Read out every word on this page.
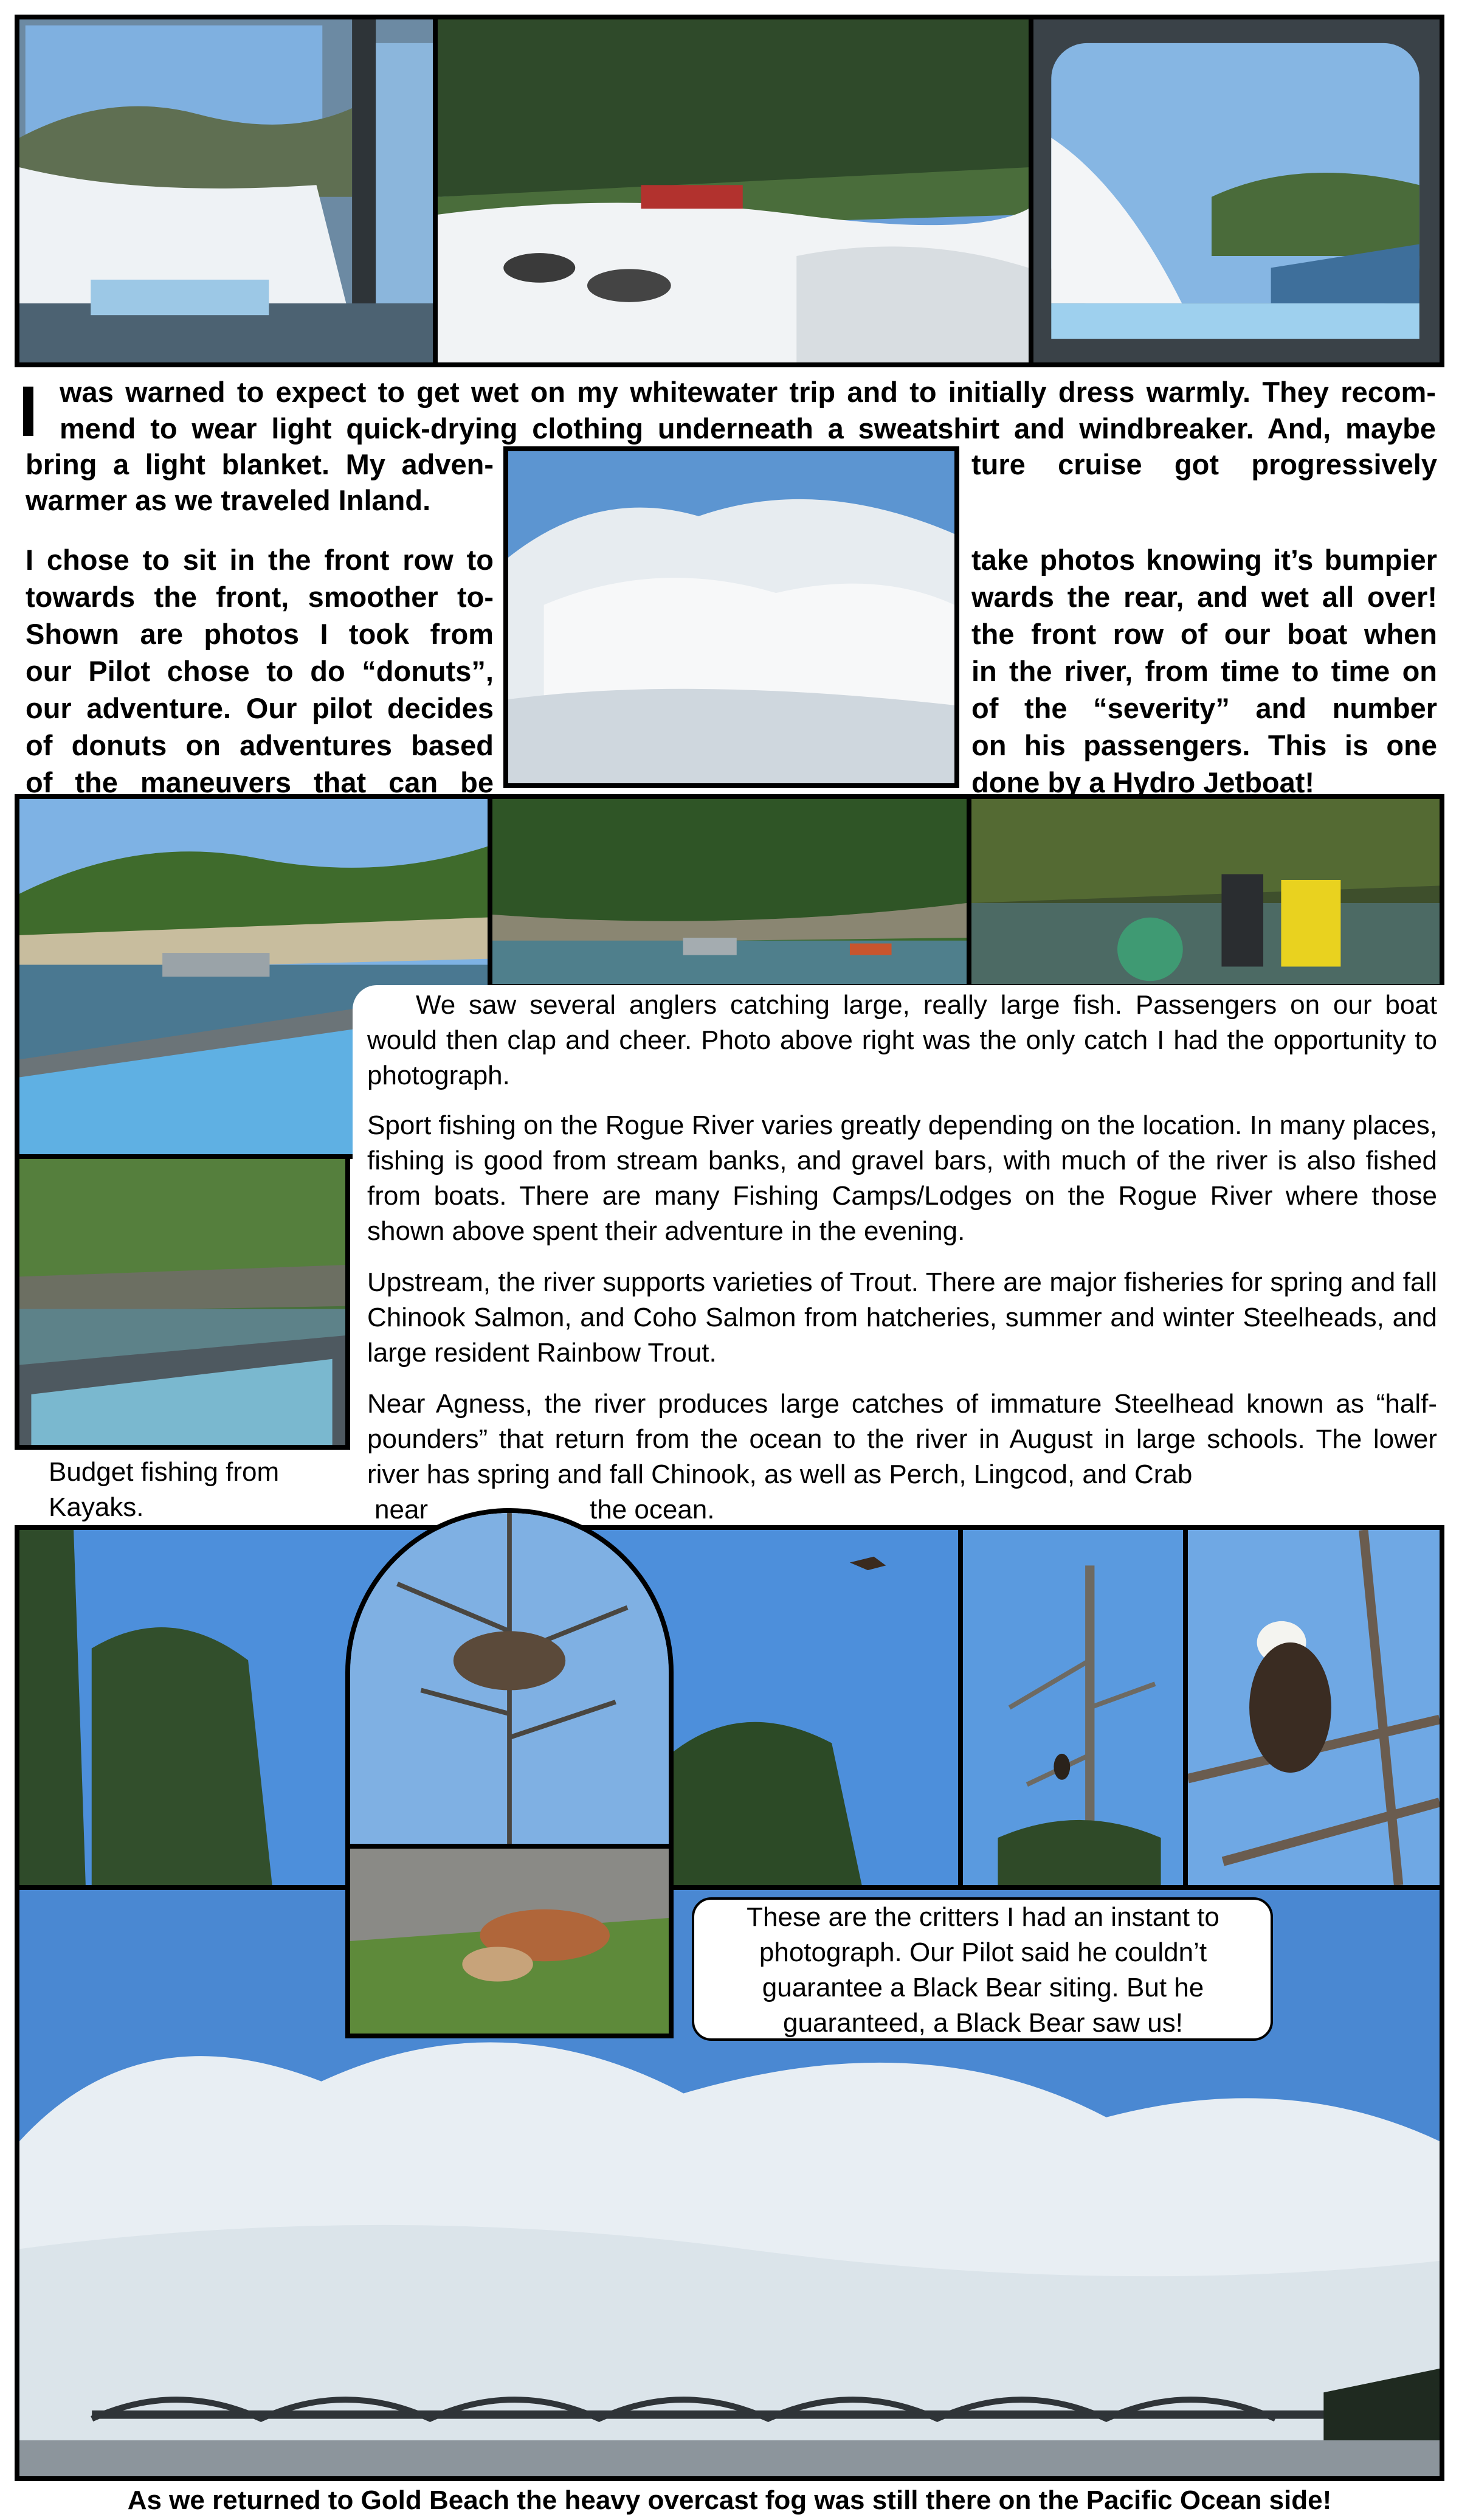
I was warned to expect to get wet on my whitewater trip and to initially dress warmly. They recom-
mend to wear light quick-drying clothing underneath a sweatshirt and windbreaker. And, maybe
bring a light blanket. My adven-	ture cruise got progressively
warmer as we traveled Inland.
I chose to sit in the front row to
towards the front, smoother to-
Shown are photos I took from
our Pilot chose to do “donuts”,
our adventure. Our pilot decides
of donuts on adventures based
of the maneuvers that can be
take photos knowing it’s bumpier
wards the rear, and wet all over!
the front row of our boat when
in the river, from time to time on
of the “severity” and number
on his passengers. This is one
done by a Hydro Jetboat!
We saw several anglers catching large, really large fish. Passengers on our boat would then clap and cheer. Photo above right was the only catch I had the opportunity to photograph.
Sport fishing on the Rogue River varies greatly depending on the location. In many places, fishing is good from stream banks, and gravel bars, with much of the river is also fished from boats. There are many Fishing Camps/Lodges on the Rogue River where those shown above spent their adventure in the evening.
Upstream, the river supports varieties of Trout. There are major fisheries for spring and fall Chinook Salmon, and Coho Salmon from hatcheries, summer and winter Steelheads, and large resident Rainbow Trout.
Near Agness, the river produces large catches of immature Steelhead known as “half-pounders” that return from the ocean to the river in August in large schools. The lower river has spring and fall Chinook, as well as Perch, Lingcod, and Crab
near	the ocean.
Budget fishing from Kayaks.
These are the critters I had an instant to photograph. Our Pilot said he couldn’t guarantee a Black Bear siting. But he guaranteed, a Black Bear saw us!
As we returned to Gold Beach the heavy overcast fog was still there on the Pacific Ocean side!
